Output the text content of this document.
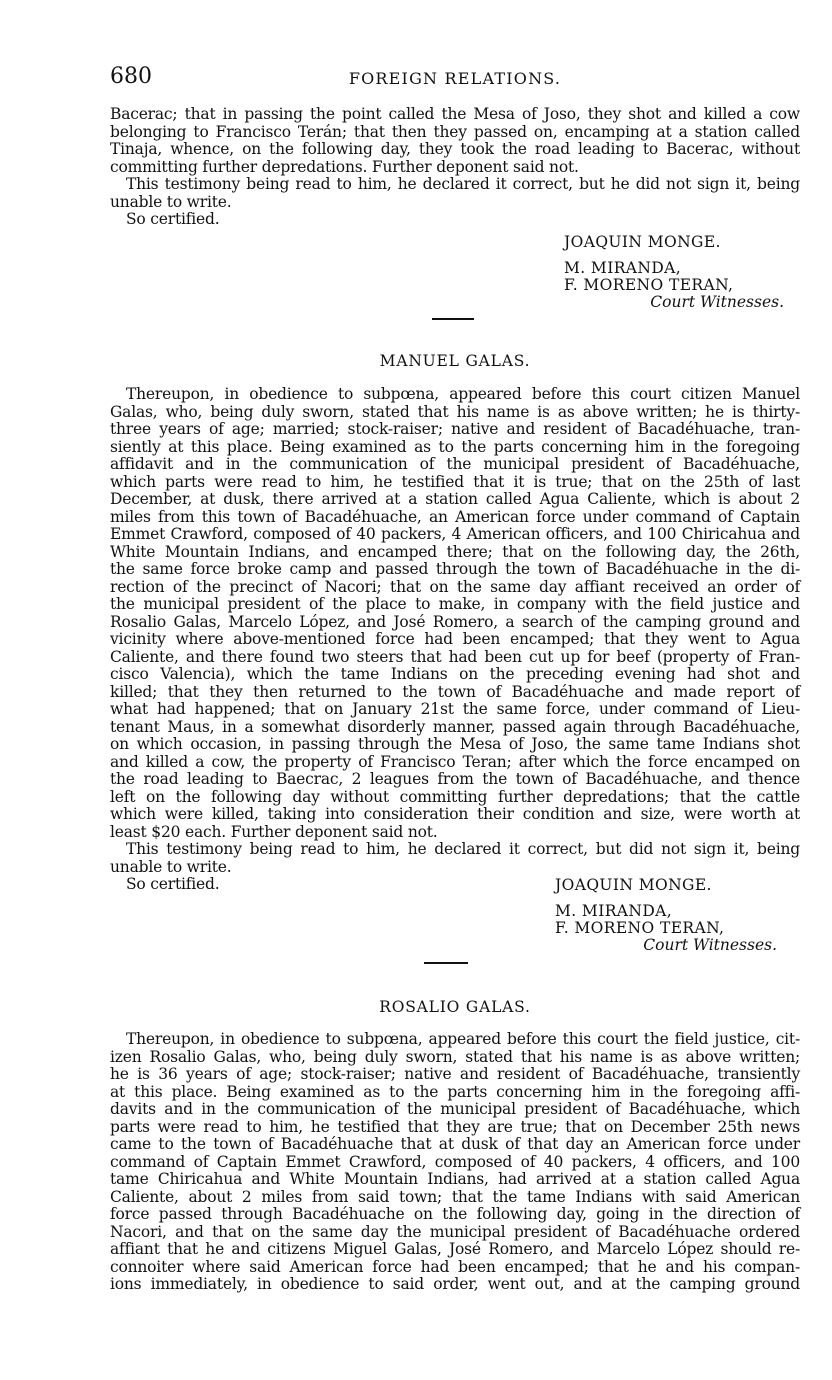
680	FOREIGN RELATIONS.
Bacerac; that in passing the point called the Mesa of Joso, they shot and killed a cow
belonging to Francisco Terán; that then they passed on, encamping at a station called
Tinaja, whence, on the following day, they took the road leading to Bacerac, without
committing further depredations. Further deponent said not.
This testimony being read to him, he declared it correct, but he did not sign it, being
unable to write.
So certified.
JOAQUIN MONGE.
M. MIRANDA,
F. MORENO TERAN,
Court Witnesses.
MANUEL GALAS.
Thereupon, in obedience to subpœna, appeared before this court citizen Manuel
Galas, who, being duly sworn, stated that his name is as above written; he is thirty-
three years of age; married; stock-raiser; native and resident of Bacadéhuache, tran-
siently at this place. Being examined as to the parts concerning him in the foregoing
affidavit and in the communication of the municipal president of Bacadéhuache,
which parts were read to him, he testified that it is true; that on the 25th of last
December, at dusk, there arrived at a station called Agua Caliente, which is about 2
miles from this town of Bacadéhuache, an American force under command of Captain
Emmet Crawford, composed of 40 packers, 4 American officers, and 100 Chiricahua and
White Mountain Indians, and encamped there; that on the following day, the 26th,
the same force broke camp and passed through the town of Bacadéhuache in the di-
rection of the precinct of Nacori; that on the same day affiant received an order of
the municipal president of the place to make, in company with the field justice and
Rosalio Galas, Marcelo López, and José Romero, a search of the camping ground and
vicinity where above-mentioned force had been encamped; that they went to Agua
Caliente, and there found two steers that had been cut up for beef (property of Fran-
cisco Valencia), which the tame Indians on the preceding evening had shot and
killed; that they then returned to the town of Bacadéhuache and made report of
what had happened; that on January 21st the same force, under command of Lieu-
tenant Maus, in a somewhat disorderly manner, passed again through Bacadéhuache,
on which occasion, in passing through the Mesa of Joso, the same tame Indians shot
and killed a cow, the property of Francisco Teran; after which the force encamped on
the road leading to Baecrac, 2 leagues from the town of Bacadéhuache, and thence
left on the following day without committing further depredations; that the cattle
which were killed, taking into consideration their condition and size, were worth at
least $20 each. Further deponent said not.
This testimony being read to him, he declared it correct, but did not sign it, being
unable to write.
So certified.	JOAQUIN MONGE.
M. MIRANDA,
F. MORENO TERAN,
Court Witnesses.
ROSALIO GALAS.
Thereupon, in obedience to subpœna, appeared before this court the field justice, cit-
izen Rosalio Galas, who, being duly sworn, stated that his name is as above written;
he is 36 years of age; stock-raiser; native and resident of Bacadéhuache, transiently
at this place. Being examined as to the parts concerning him in the foregoing affi-
davits and in the communication of the municipal president of Bacadéhuache, which
parts were read to him, he testified that they are true; that on December 25th news
came to the town of Bacadéhuache that at dusk of that day an American force under
command of Captain Emmet Crawford, composed of 40 packers, 4 officers, and 100
tame Chiricahua and White Mountain Indians, had arrived at a station called Agua
Caliente, about 2 miles from said town; that the tame Indians with said American
force passed through Bacadéhuache on the following day, going in the direction of
Nacori, and that on the same day the municipal president of Bacadéhuache ordered
affiant that he and citizens Miguel Galas, José Romero, and Marcelo López should re-
connoiter where said American force had been encamped; that he and his compan-
ions immediately, in obedience to said order, went out, and at the camping ground
